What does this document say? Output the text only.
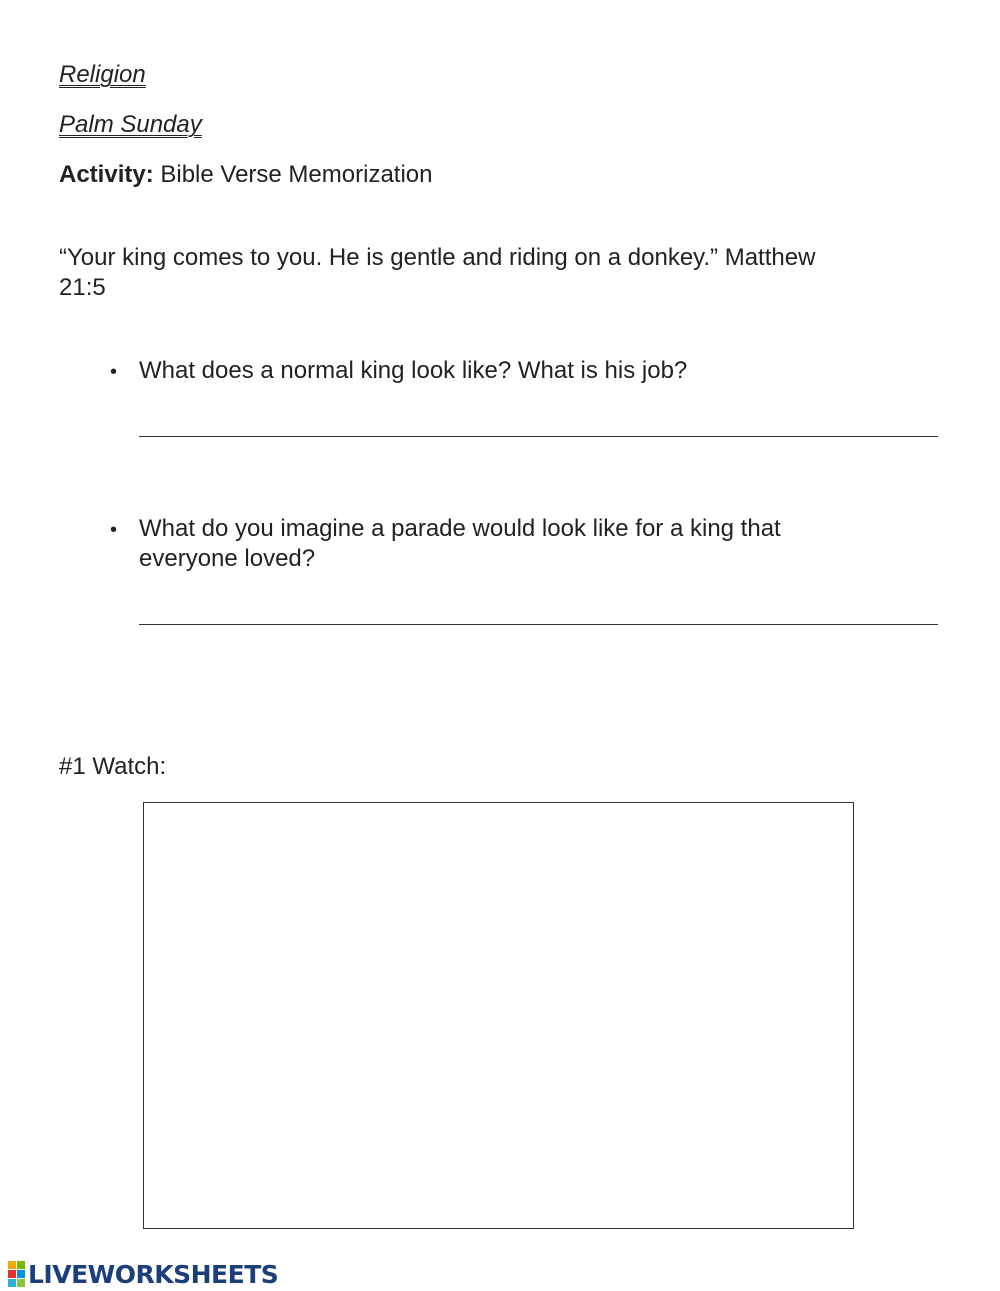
Religion
Palm Sunday
Activity: Bible Verse Memorization
“Your king comes to you. He is gentle and riding on a donkey.” Matthew
21:5
• What does a normal king look like? What is his job?
• What do you imagine a parade would look like for a king that
everyone loved?
#1 Watch:
LIVEWORKSHEETS
